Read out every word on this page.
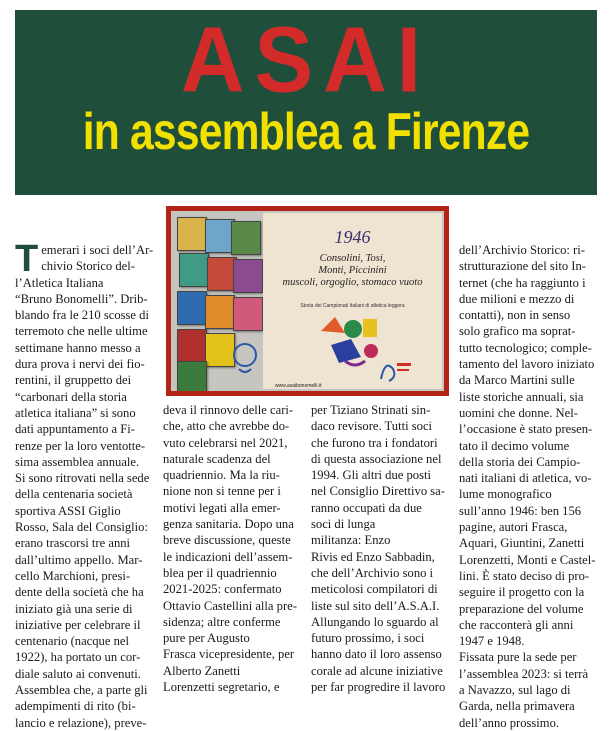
ASAI
in assemblea a Firenze
1946
Consolini, Tosi,
Monti, Piccinini
muscoli, orgoglio, stomaco vuoto
Storia dei Campionati Italiani di atletica leggera
www.asaibonomelli.it
T emerari i soci dell’Ar-
chivio Storico del-
l’Atletica Italiana
“Bruno Bonomelli”. Drib-
blando fra le 210 scosse di
terremoto che nelle ultime
settimane hanno messo a
dura prova i nervi dei fio-
rentini, il gruppetto dei
“carbonari della storia
atletica italiana” si sono
dati appuntamento a Fi-
renze per la loro ventotte-
sima assemblea annuale.

Si sono ritrovati nella sede
della centenaria società
sportiva ASSI Giglio
Rosso, Sala del Consiglio:
erano trascorsi tre anni
dall’ultimo appello. Mar-
cello Marchioni, presi-
dente della società che ha
iniziato già una serie di
iniziative per celebrare il
centenario (nacque nel
1922), ha portato un cor-
diale saluto ai convenuti.
Assemblea che, a parte gli
adempimenti di rito (bi-
lancio e relazione), preve-

deva il rinnovo delle cari-
che, atto che avrebbe do-
vuto celebrarsi nel 2021,
naturale scadenza del
quadriennio. Ma la riu-
nione non si tenne per i
motivi legati alla emer-
genza sanitaria. Dopo una
breve discussione, queste
le indicazioni dell’assem-
blea per il quadriennio
2021-2025: confermato
Ottavio Castellini alla pre-
sidenza; altre conferme
pure per Augusto
Frasca vicepresidente, per
Alberto Zanetti
Lorenzetti segretario, e

per Tiziano Strinati sin-
daco revisore. Tutti soci
che furono tra i fondatori
di questa associazione nel
1994. Gli altri due posti
nel Consiglio Direttivo sa-
ranno occupati da due
soci di lunga
militanza: Enzo
Rivis ed Enzo Sabbadin,
che dell’Archivio sono i
meticolosi compilatori di
liste sul sito dell’A.S.A.I.
Allungando lo sguardo al
futuro prossimo, i soci
hanno dato il loro assenso
corale ad alcune iniziative
per far progredire il lavoro

dell’Archivio Storico: ri-
strutturazione del sito In-
ternet (che ha raggiunto i
due milioni e mezzo di
contatti), non in senso
solo grafico ma soprat-
tutto tecnologico; comple-
tamento del lavoro iniziato
da Marco Martini sulle
liste storiche annuali, sia
uomini che donne. Nel-
l’occasione è stato presen-
tato il decimo volume
della storia dei Campio-
nati italiani di atletica, vo-
lume monografico
sull’anno 1946: ben 156
pagine, autori Frasca,
Aquari, Giuntini, Zanetti
Lorenzetti, Monti e Castel-
lini. È stato deciso di pro-
seguire il progetto con la
preparazione del volume
che racconterà gli anni
1947 e 1948.

Fissata pure la sede per
l’assemblea 2023: si terrà
a Navazzo, sul lago di
Garda, nella primavera
dell’anno prossimo.
